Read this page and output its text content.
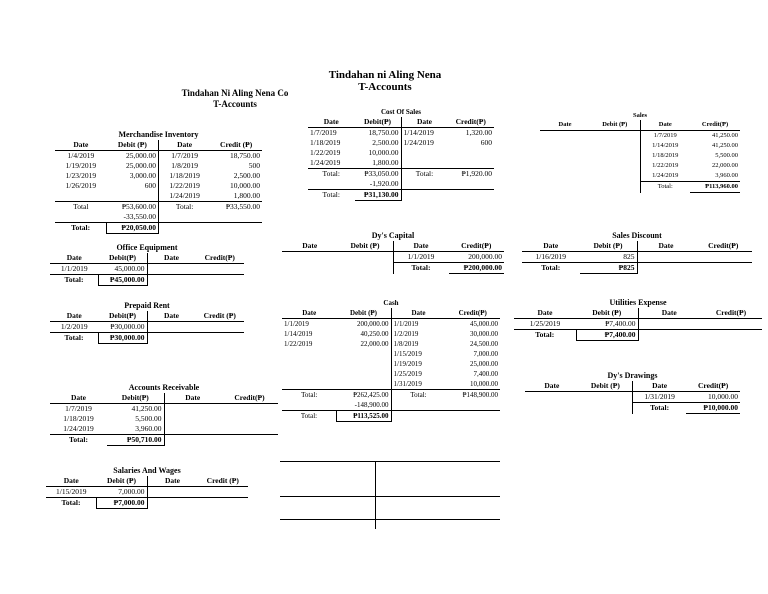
Tindahan ni Aling Nena
T-Accounts
Tindahan Ni Aling Nena Co
T-Accounts
Merchandise Inventory
Date	Debit (₱)	Date	Credit (₱)
1/4/2019	25,000.00	1/7/2019	18,750.00
1/19/2019	25,000.00	1/8/2019	500
1/23/2019	3,000.00	1/18/2019	2,500.00
1/26/2019	600	1/22/2019	10,000.00
		1/24/2019	1,800.00
Total	₱53,600.00	Total:	₱33,550.00
	-33,550.00		
Total:	₱20,050.00		
Cost Of Sales
Date	Debit(₱)	Date	Credit(₱)
1/7/2019	18,750.00	1/14/2019	1,320.00
1/18/2019	2,500.00	1/24/2019	600
1/22/2019	10,000.00		
1/24/2019	1,800.00		
Total:	₱33,050.00	Total:	₱1,920.00
	-1,920.00		
Total:	₱31,130.00		
Sales
Date	Debit (₱)	Date	Credit(₱)
		1/7/2019	41,250.00
		1/14/2019	41,250.00
		1/18/2019	5,500.00
		1/22/2019	22,000.00
		1/24/2019	3,960.00
		Total:	₱113,960.00
Office Equipment
Date	Debit(₱)	Date	Credit(₱)
1/1/2019	45,000.00		
Total:	₱45,000.00		
Dy's Capital
Date	Debit (₱)	Date	Credit(₱)
		1/1/2019	200,000.00
		Total:	₱200,000.00
Sales Discount
Date	Debit (₱)	Date	Credit(₱)
1/16/2019	825		
Total:	₱825		
Prepaid Rent
Date	Debit(₱)	Date	Credit (₱)
1/2/2019	₱30,000.00		
Total:	₱30,000.00		
Cash
Date	Debit (₱)	Date	Credit(₱)
1/1/2019	200,000.00	1/1/2019	45,000.00
1/14/2019	40,250.00	1/2/2019	30,000.00
1/22/2019	22,000.00	1/8/2019	24,500.00
		1/15/2019	7,000.00
		1/19/2019	25,000.00
		1/25/2019	7,400.00
		1/31/2019	10,000.00
Total:	₱262,425.00	Total:	₱148,900.00
	-148,900.00		
Total:	₱113,525.00		
Utilities Expense
Date	Debit (₱)	Date	Credit(₱)
1/25/2019	₱7,400.00		
Total:	₱7,400.00		
Accounts Receivable
Date	Debit(₱)	Date	Credit(₱)
1/7/2019	41,250.00		
1/18/2019	5,500.00		
1/24/2019	3,960.00		
Total:	₱50,710.00		
Dy's Drawings
Date	Debit (₱)	Date	Credit(₱)
		1/31/2019	10,000.00
		Total:	₱10,000.00
Salaries And Wages
Date	Debit (₱)	Date	Credit (₱)
1/15/2019	7,000.00		
Total:	₱7,000.00		
